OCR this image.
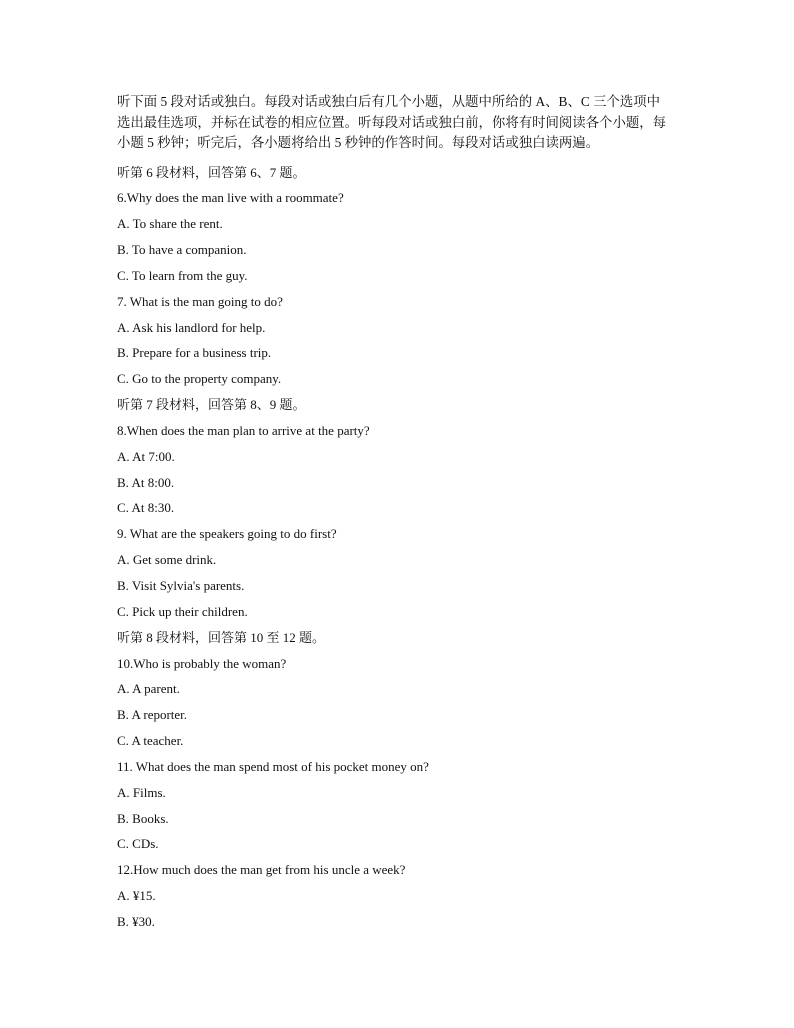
听下面 5 段对话或独白。每段对话或独白后有几个小题，从题中所给的 A、B、C 三个选项中

选出最佳选项，并标在试卷的相应位置。听每段对话或独白前，你将有时间阅读各个小题，每

小题 5 秒钟；听完后，各小题将给出 5 秒钟的作答时间。每段对话或独白读两遍。

听第 6 段材料，回答第 6、7 题。

6.Why does the man live with a roommate?

A. To share the rent.

B. To have a companion.

C. To learn from the guy.

7. What is the man going to do?

A. Ask his landlord for help.

B. Prepare for a business trip.

C. Go to the property company.

听第 7 段材料，回答第 8、9 题。

8.When does the man plan to arrive at the party?

A. At 7:00.

B. At 8:00.

C. At 8:30.

9. What are the speakers going to do first?

A. Get some drink.

B. Visit Sylvia's parents.

C. Pick up their children.

听第 8 段材料，回答第 10 至 12 题。

10.Who is probably the woman?

A. A parent.

B. A reporter.

C. A teacher.

11. What does the man spend most of his pocket money on?

A. Films.

B. Books.

C. CDs.

12.How much does the man get from his uncle a week?

A. ¥15.

B. ¥30.
